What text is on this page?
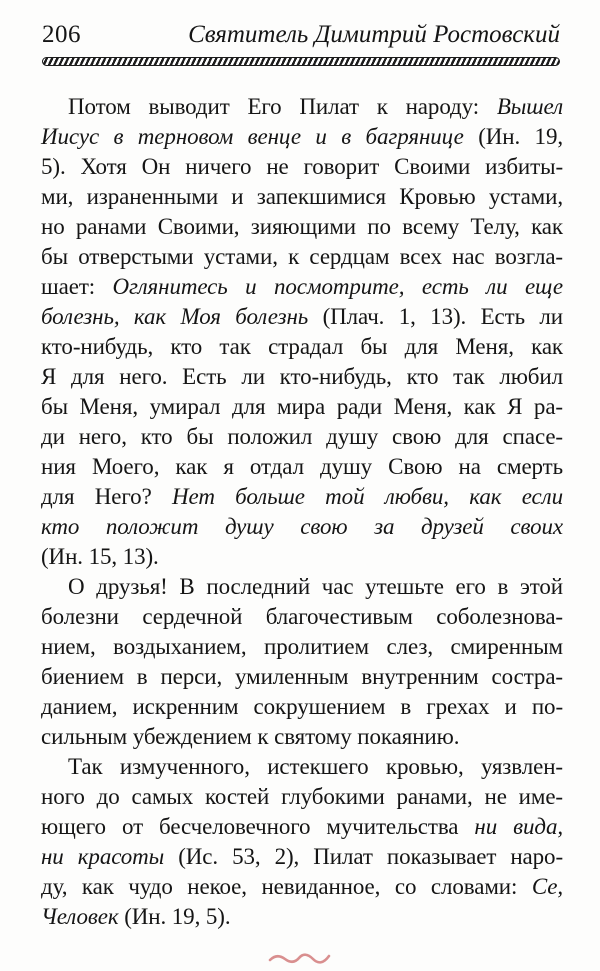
206	Святитель Димитрий Ростовский
Потом выводит Его Пилат к народу: Вышел
Иисус в терновом венце и в багрянице (Ин. 19,
5). Хотя Он ничего не говорит Своими избиты-
ми, израненными и запекшимися Кровью устами,
но ранами Своими, зияющими по всему Телу, как
бы отверстыми устами, к сердцам всех нас возгла-
шает: Оглянитесь и посмотрите, есть ли еще
болезнь, как Моя болезнь (Плач. 1, 13). Есть ли
кто-нибудь, кто так страдал бы для Меня, как
Я для него. Есть ли кто-нибудь, кто так любил
бы Меня, умирал для мира ради Меня, как Я ра-
ди него, кто бы положил душу свою для спасе-
ния Моего, как я отдал душу Свою на смерть
для Него? Нет больше той любви, как если
кто положит душу свою за друзей своих
(Ин. 15, 13).
О друзья! В последний час утешьте его в этой
болезни сердечной благочестивым соболезнова-
нием, воздыханием, пролитием слез, смиренным
биением в перси, умиленным внутренним состра-
данием, искренним сокрушением в грехах и по-
сильным убеждением к святому покаянию.
Так измученного, истекшего кровью, уязвлен-
ного до самых костей глубокими ранами, не име-
ющего от бесчеловечного мучительства ни вида,
ни красоты (Ис. 53, 2), Пилат показывает наро-
ду, как чудо некое, невиданное, со словами: Се,
Человек (Ин. 19, 5).
